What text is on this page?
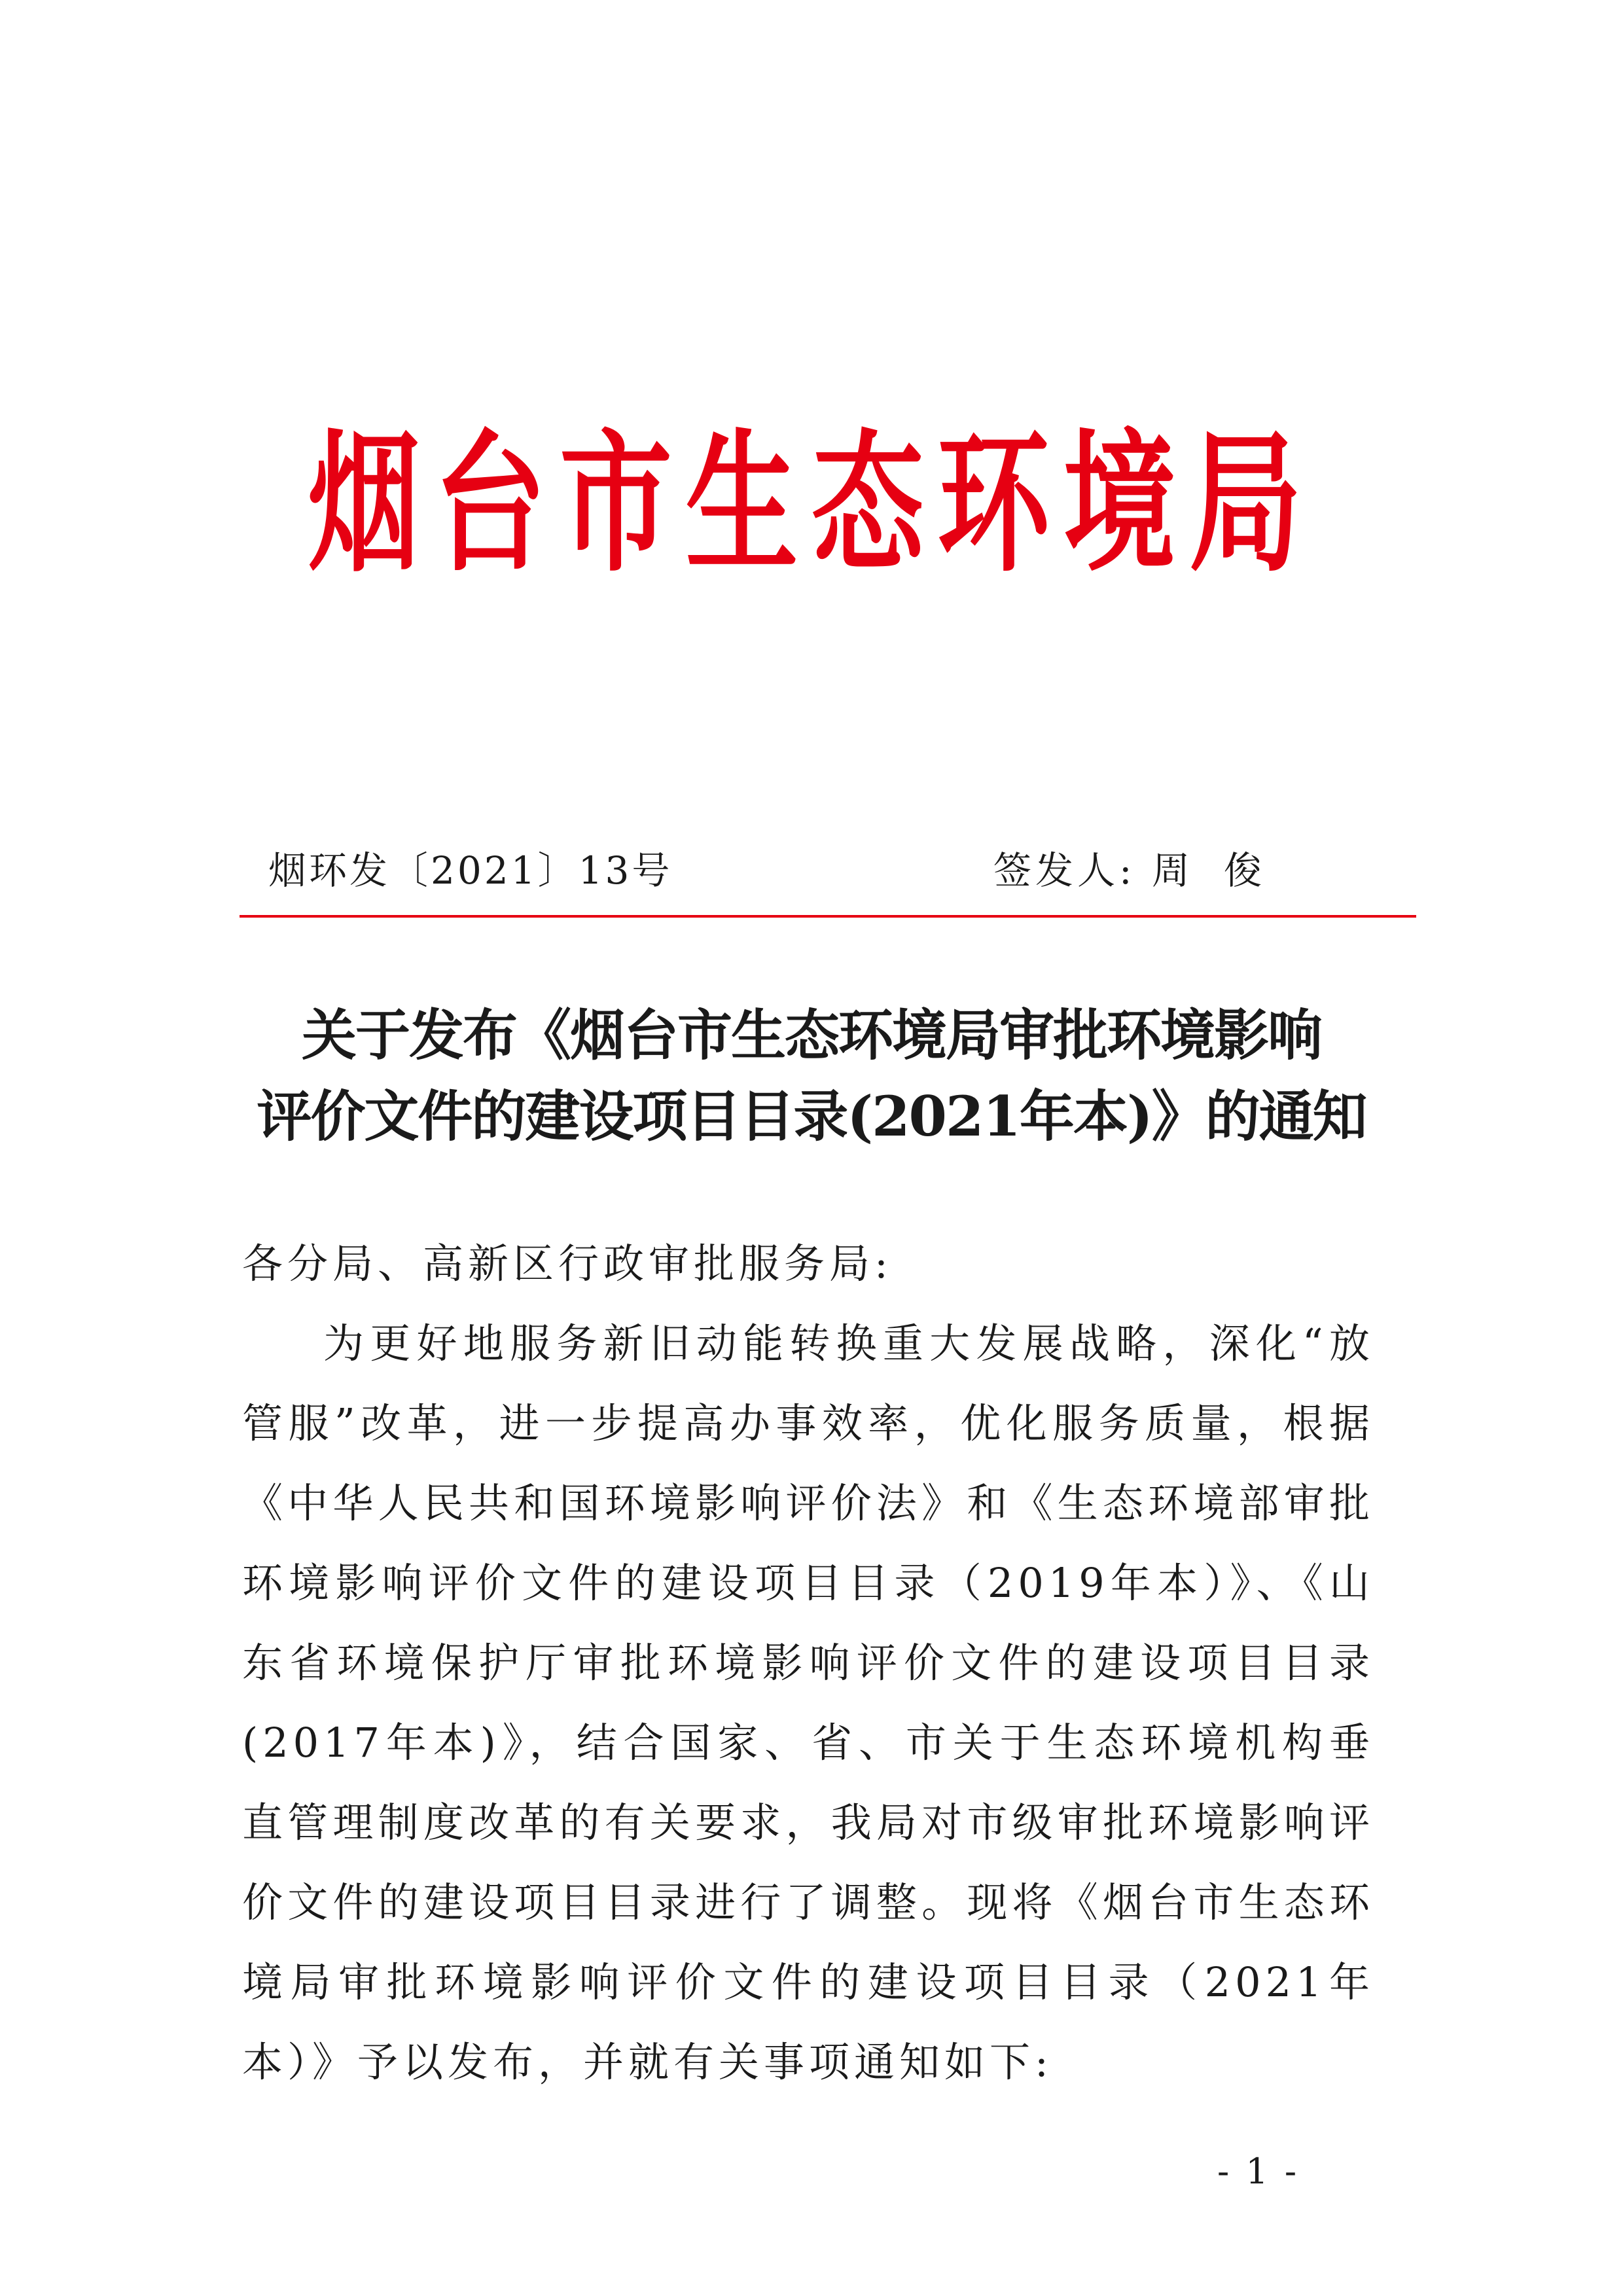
烟台市生态环境局
烟环发〔2021〕13号	签发人: 周俊
关于发布《烟台市生态环境局审批环境影响
评价文件的建设项目目录(2021年本)》的通知

各分局、高新区行政审批服务局:

为更好地服务新旧动能转换重大发展战略，深化“放管服”改革，进一步提高办事效率，优化服务质量，根据《中华人民共和国环境影响评价法》和《生态环境部审批环境影响评价文件的建设项目目录（2019年本）》、《山东省环境保护厅审批环境影响评价文件的建设项目目录(2017年本)》，结合国家、省、市关于生态环境机构垂直管理制度改革的有关要求，我局对市级审批环境影响评价文件的建设项目目录进行了调整。现将《烟台市生态环境局审批环境影响评价文件的建设项目目录（2021年本）》予以发布，并就有关事项通知如下:

- 1 -
